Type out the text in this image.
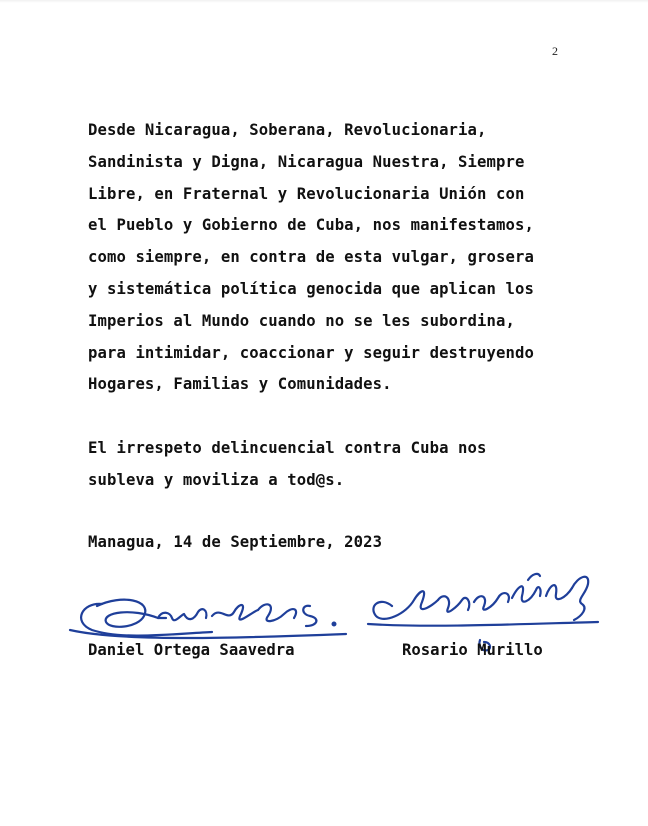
2
Desde Nicaragua, Soberana, Revolucionaria,
Sandinista y Digna, Nicaragua Nuestra, Siempre
Libre, en Fraternal y Revolucionaria Unión con
el Pueblo y Gobierno de Cuba, nos manifestamos,
como siempre, en contra de esta vulgar, grosera
y sistemática política genocida que aplican los
Imperios al Mundo cuando no se les subordina,
para intimidar, coaccionar y seguir destruyendo
Hogares, Familias y Comunidades.
El irrespeto delincuencial contra Cuba nos
subleva y moviliza a tod@s.
Managua, 14 de Septiembre, 2023
Daniel Ortega Saavedra	Rosario Murillo
